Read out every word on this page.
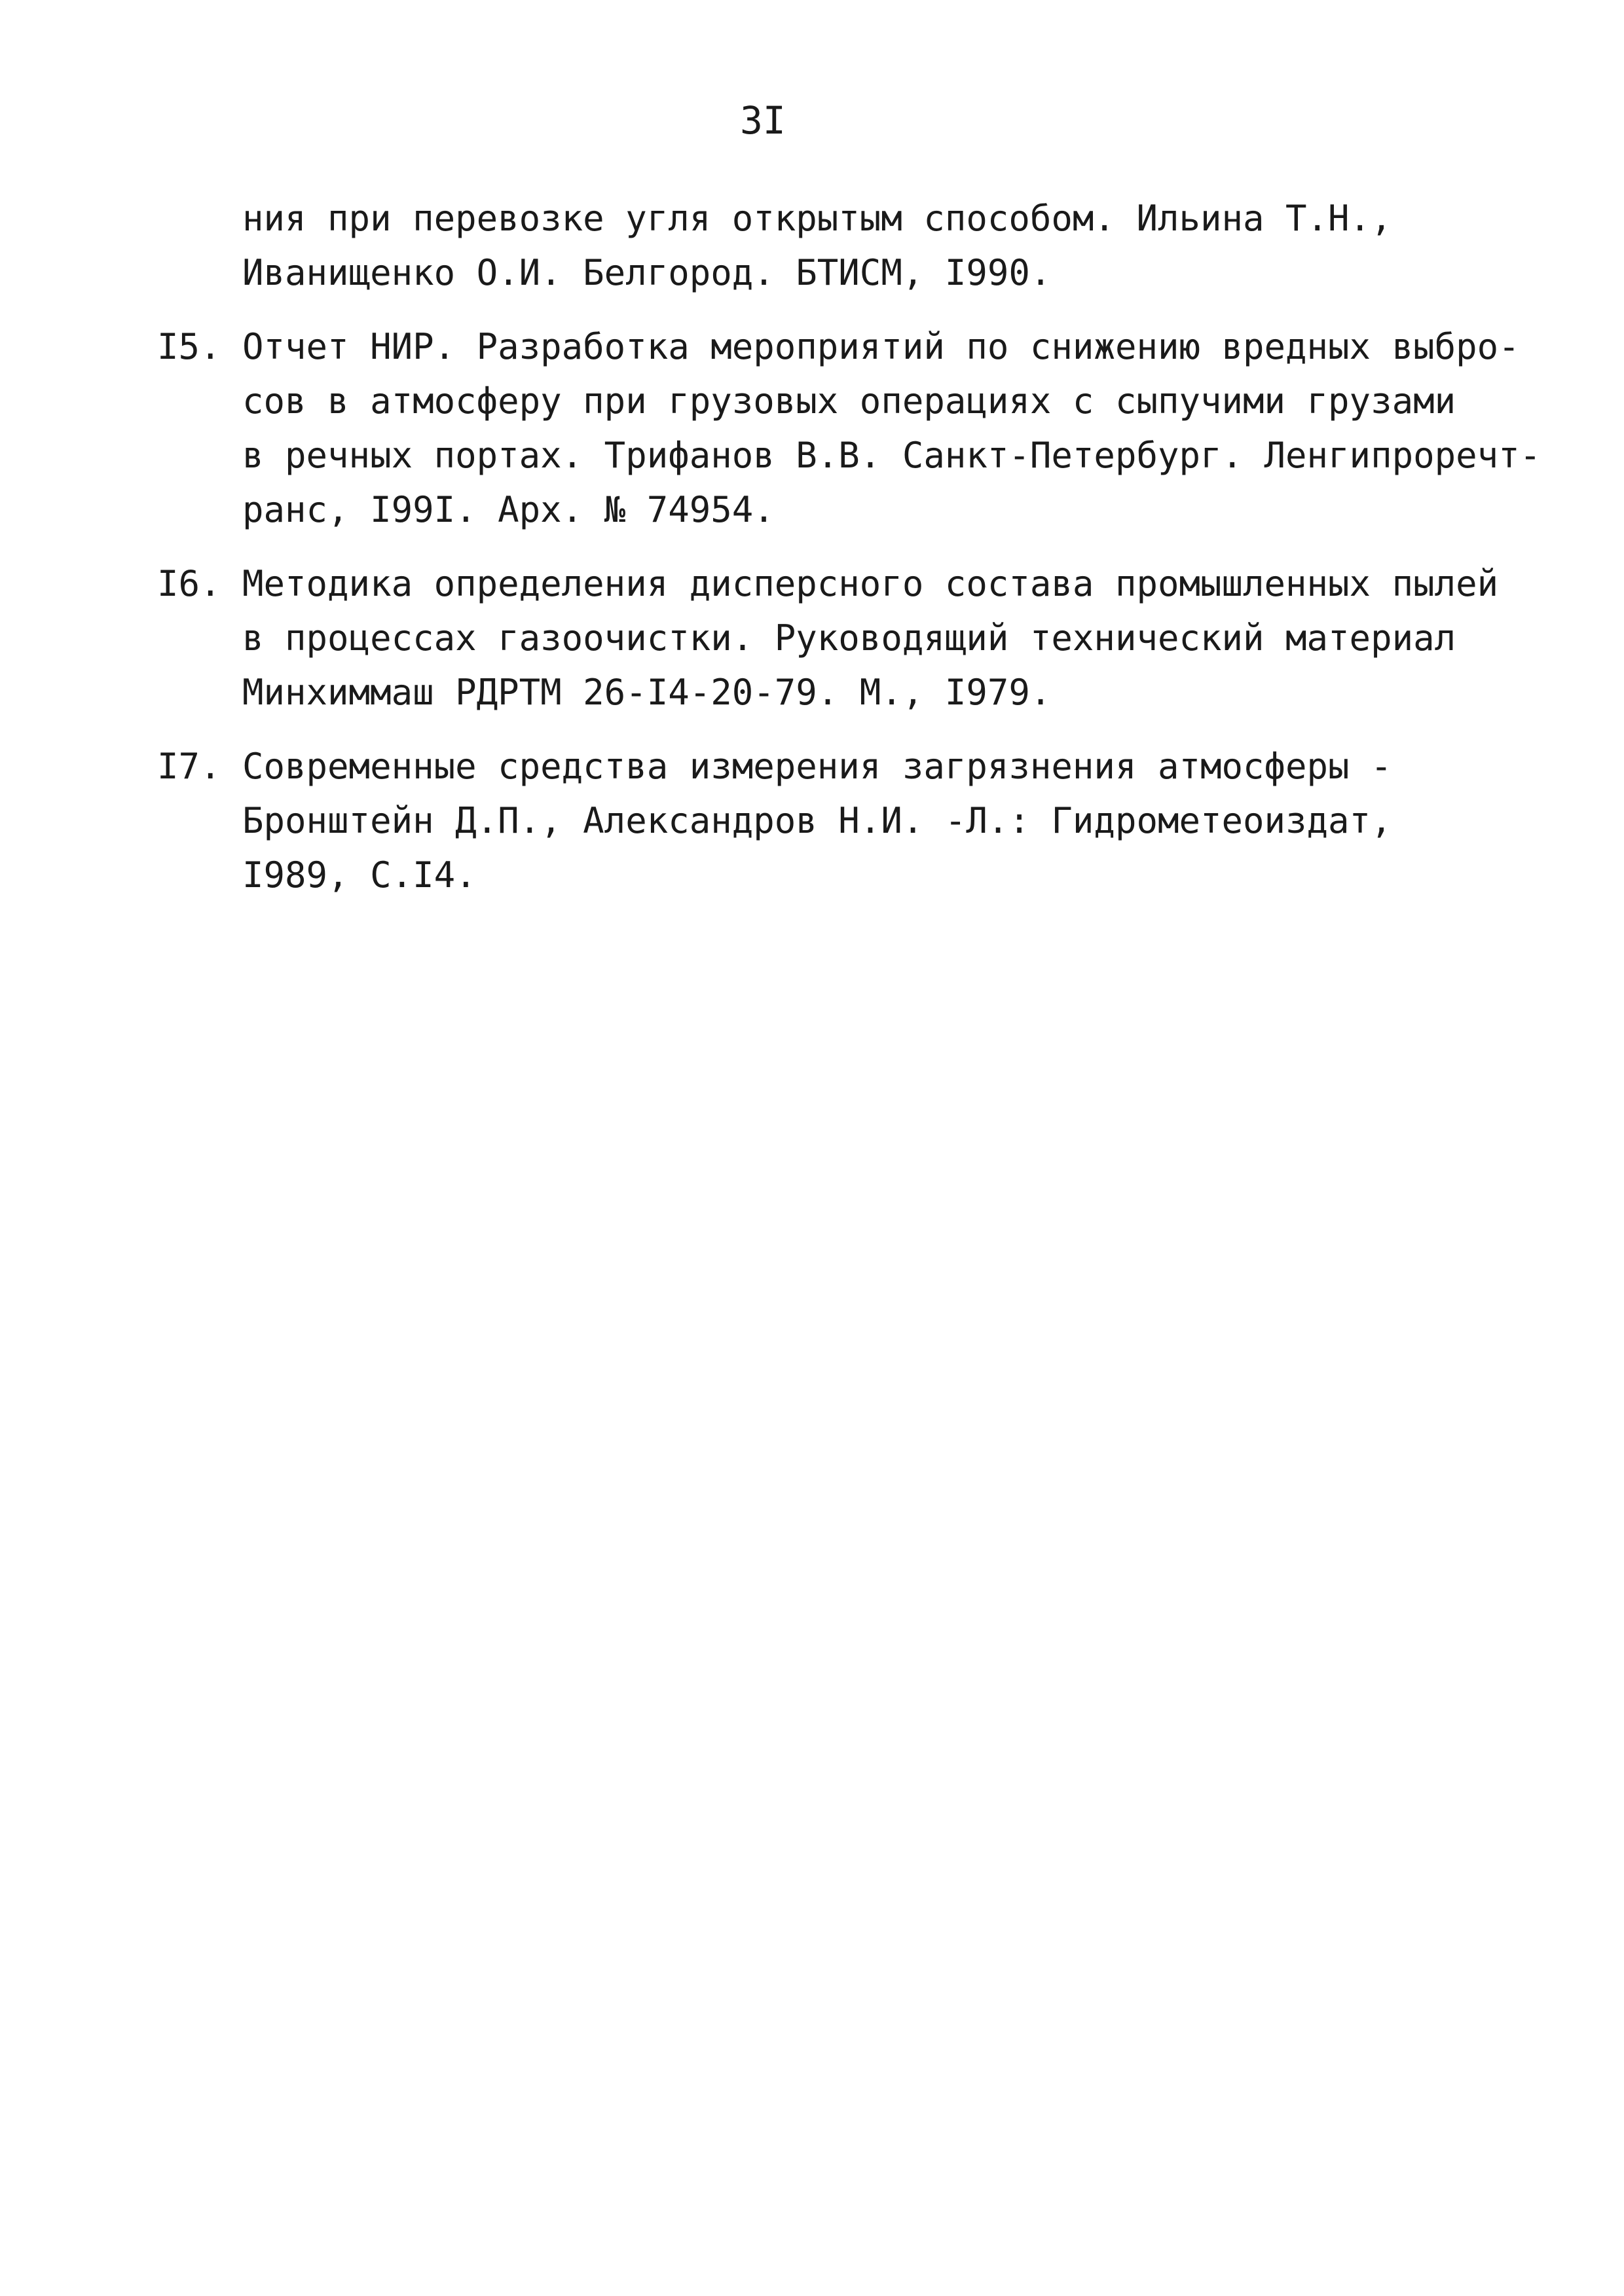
3I
ния при перевозке угля открытым способом. Ильина Т.Н.,
Иванищенко О.И. Белгород. БТИСМ, I990.
I5. Отчет НИР. Разработка мероприятий по снижению вредных выбро-
сов в атмосферу при грузовых операциях с сыпучими грузами
в речных портах. Трифанов В.В. Санкт-Петербург. Ленгипроречт-
ранс, I99I. Арх. № 74954.
I6. Методика определения дисперсного состава промышленных пылей
в процессах газоочистки. Руководящий технический материал
Минхиммаш РДРТМ 26-I4-20-79. М., I979.
I7. Современные средства измерения загрязнения атмосферы -
Бронштейн Д.П., Александров Н.И. -Л.: Гидрометеоиздат,
I989, С.I4.
